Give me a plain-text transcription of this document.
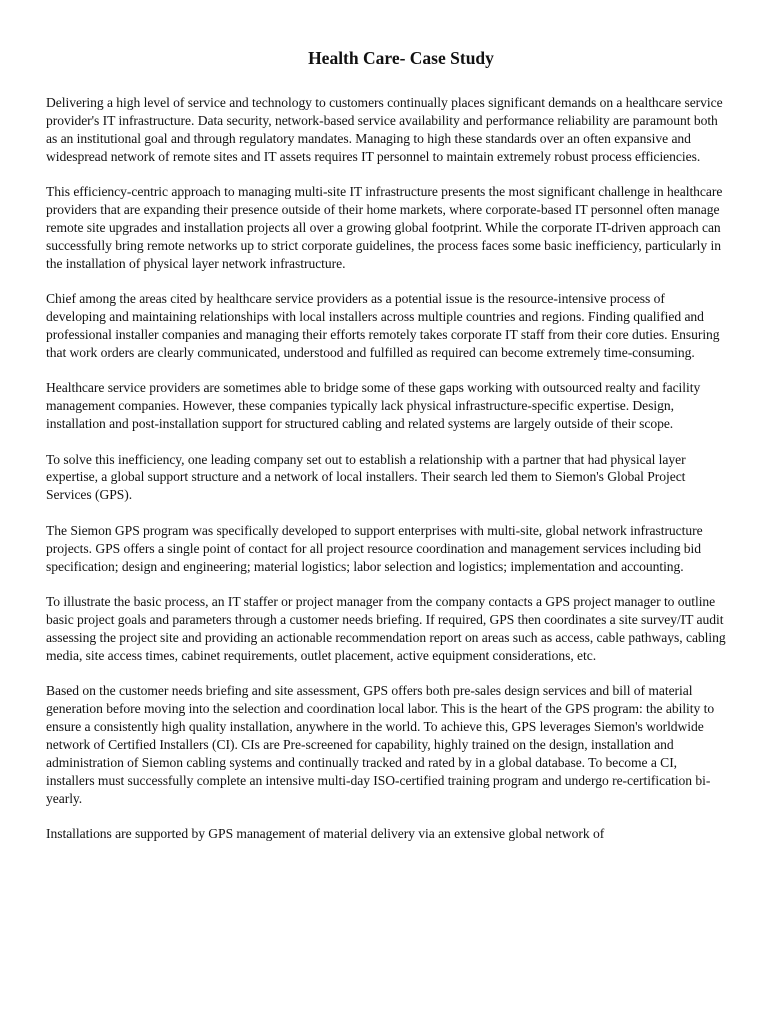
Health Care- Case Study

Delivering a high level of service and technology to customers continually places significant demands on a healthcare service provider's IT infrastructure. Data security, network-based service availability and performance reliability are paramount both as an institutional goal and through regulatory mandates. Managing to high these standards over an often expansive and widespread network of remote sites and IT assets requires IT personnel to maintain extremely robust process efficiencies.

This efficiency-centric approach to managing multi-site IT infrastructure presents the most significant challenge in healthcare providers that are expanding their presence outside of their home markets, where corporate-based IT personnel often manage remote site upgrades and installation projects all over a growing global footprint. While the corporate IT-driven approach can successfully bring remote networks up to strict corporate guidelines, the process faces some basic inefficiency, particularly in the installation of physical layer network infrastructure.

Chief among the areas cited by healthcare service providers as a potential issue is the resource-intensive process of developing and maintaining relationships with local installers across multiple countries and regions. Finding qualified and professional installer companies and managing their efforts remotely takes corporate IT staff from their core duties. Ensuring that work orders are clearly communicated, understood and fulfilled as required can become extremely time-consuming.

Healthcare service providers are sometimes able to bridge some of these gaps working with outsourced realty and facility management companies. However, these companies typically lack physical infrastructure-specific expertise. Design, installation and post-installation support for structured cabling and related systems are largely outside of their scope.

To solve this inefficiency, one leading company set out to establish a relationship with a partner that had physical layer expertise, a global support structure and a network of local installers. Their search led them to Siemon's Global Project Services (GPS).

The Siemon GPS program was specifically developed to support enterprises with multi-site, global network infrastructure projects. GPS offers a single point of contact for all project resource coordination and management services including bid specification; design and engineering; material logistics; labor selection and logistics; implementation and accounting.

To illustrate the basic process, an IT staffer or project manager from the company contacts a GPS project manager to outline basic project goals and parameters through a customer needs briefing. If required, GPS then coordinates a site survey/IT audit assessing the project site and providing an actionable recommendation report on areas such as access, cable pathways, cabling media, site access times, cabinet requirements, outlet placement, active equipment considerations, etc.

Based on the customer needs briefing and site assessment, GPS offers both pre-sales design services and bill of material generation before moving into the selection and coordination local labor. This is the heart of the GPS program: the ability to ensure a consistently high quality installation, anywhere in the world. To achieve this, GPS leverages Siemon's worldwide network of Certified Installers (CI). CIs are Pre-screened for capability, highly trained on the design, installation and administration of Siemon cabling systems and continually tracked and rated by in a global database. To become a CI, installers must successfully complete an intensive multi-day ISO-certified training program and undergo re-certification bi-yearly.

Installations are supported by GPS management of material delivery via an extensive global network of
